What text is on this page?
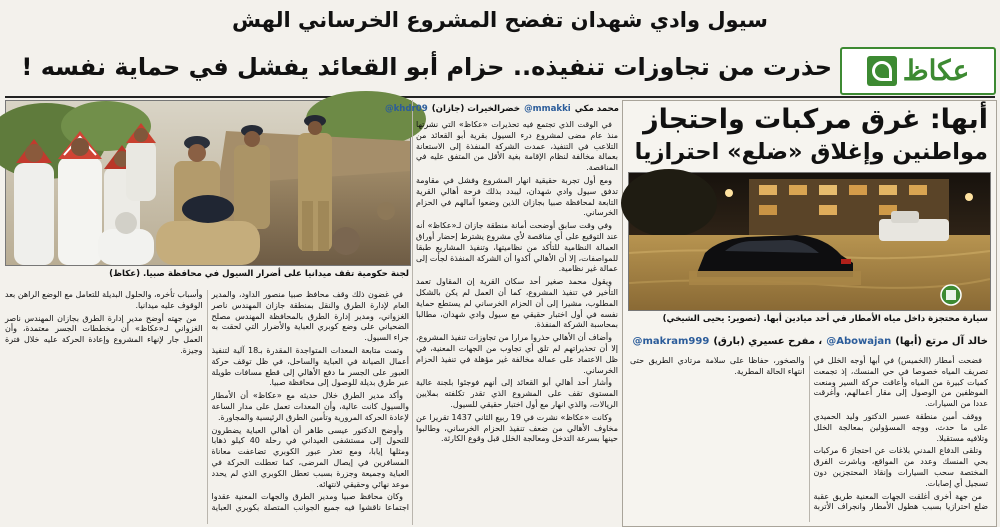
سيول وادي شهدان تفضح المشروع الخرساني الهش
حذرت من تجاوزات تنفيذه.. حزام أبو القعائد يفشل في حماية نفسه !	عكاظ
لجنة حكومية تقف ميدانيا على أضرار السيول في محافظة صبيا. (عكاظ)

في غضون ذلك وقف محافظ صبيا منصور الداود، والمدير العام لإدارة الطرق والنقل بمنطقة جازان المهندس ناصر الغزواني، ومدير إدارة الطرق بالمحافظة المهندس مصلح الضحياني على وضع كوبري العباية والأضرار التي لحقت به جراء السيول.

وتمت متابعة المعدات المتواجدة المقدرة بـ18 آلية لتنفيذ أعمال الصيانة في العباية والساحل، في ظل توقف حركة العبور على الجسر ما دفع الأهالي إلى قطع مسافات طويلة عبر طرق بديلة للوصول إلى محافظة صبيا.

وأكد مدير الطرق خلال حديثه مع «عكاظ» أن الأمطار والسيول كانت عالية، وأن المعدات تعمل على مدار الساعة لإعادة الحركة المرورية وتأمين الطرق الرئيسية والمجاورة.

وأوضح الدكتور عيسى طاهر أن أهالي العباية يضطرون للتحول إلى مستشفى العيداني في رحلة 40 كيلو ذهابا ومثلها إيابا، ومع تعذر عبور الكوبري تضاعفت معاناة المسافرين في إيصال المرضى، كما تعطلت الحركة في العباية وجميعة وجزرة بسبب تعطل الكوبري الذي لم يحدد موعد نهائي وحقيقي لانتهائه.

وكان محافظ صبيا ومدير الطرق والجهات المعنية عقدوا اجتماعا ناقشوا فيه جميع الجوانب المتصلة بكوبري العباية وأسباب تأخره، والحلول البديلة للتعامل مع الوضع الراهن بعد الوقوف عليه ميدانيا.

من جهته أوضح مدير إدارة الطرق بجازان المهندس ناصر الغزواني لـ«عكاظ» أن مخططات الجسر معتمدة، وأن العمل جار لإنهاء المشروع وإعادة الحركة عليه خلال فترة وجيزة.

محمد مكي
@mmakki
خضرالخيرات (جازان)
@khdr09

في الوقت الذي تجتمع فيه تحذيرات «عكاظ» التي نشرتها منذ عام مضى لمشروع درء السيول بقرية أبو القعائد من التلاعب في التنفيذ، عمدت الشركة المنفذة إلى الاستعانة بعمالة مخالفة لنظام الإقامة بغية الأقل من المتفق عليه في المناقصة.

ومع أول تجربة حقيقية انهار المشروع وفشل في مقاومة تدفق سيول وادي شهدان، ليبدد بذلك فرحة أهالي القرية التابعة لمحافظة صبيا بجازان الذين وضعوا آمالهم في الحزام الخرساني.

وفي وقت سابق أوضحت أمانة منطقة جازان لـ«عكاظ» أنه عند التوقيع على أي مناقصة لأي مشروع يشترط إحضار أوراق العمالة النظامية للتأكد من نظاميتها، وتنفيذ المشاريع طبقا للمواصفات، إلا أن الأهالي أكدوا أن الشركة المنفذة لجأت إلى عمالة غير نظامية.

ويقول محمد صغير أحد سكان القرية إن المقاول تعمد التأخير في تنفيذ المشروع، كما أن العمل لم يكن بالشكل المطلوب، مشيرا إلى أن الحزام الخرساني لم يستطع حماية نفسه في أول اختبار حقيقي مع سيول وادي شهدان، مطالبا بمحاسبة الشركة المنفذة.

وأضاف أن الأهالي حذروا مرارا من تجاوزات تنفيذ المشروع، إلا أن تحذيراتهم لم تلق أي تجاوب من الجهات المعنية، في ظل الاعتماد على عمالة مخالفة غير مؤهلة في تنفيذ الحزام الخرساني.

وأشار أحد أهالي أبو القعائد إلى أنهم فوجئوا بلجنة عالية المستوى تقف على المشروع الذي تقدر تكلفته بملايين الريالات، والذي انهار مع أول اختبار حقيقي للسيول.

وكانت «عكاظ» نشرت في 19 ربيع الثاني 1437 تقريرا عن مخاوف الأهالي من ضعف تنفيذ الحزام الخرساني، وطالبوا حينها بسرعة التدخل ومعالجة الخلل قبل وقوع الكارثة.

أبها: غرق مركبات واحتجاز
مواطنين وإغلاق «ضلع» احترازيا
سيارة محتجزة داخل مياه الأمطار في أحد ميادين أبها. (تصوير: يحيى الشيخي)
خالد آل مرتع (أبها)
@Abowajan
، مفرح عسيري (بارق)
@makram999

فضحت أمطار (الخميس) في أبها أوجه الخلل في تصريف المياه خصوصا في حي المنسك، إذ تجمعت كميات كبيرة من المياه وأعاقت حركة السير ومنعت الموظفين من الوصول إلى مقار أعمالهم، وأغرقت عددا من السيارات.

ووقف أمين منطقة عسير الدكتور وليد الحميدي على ما حدث، ووجه المسؤولين بمعالجة الخلل وتلافيه مستقبلا.

وتلقى الدفاع المدني بلاغات عن احتجاز 6 مركبات بحي المنسك وعدد من المواقع، وباشرت الفرق المختصة سحب السيارات وإنقاذ المحتجزين دون تسجيل أي إصابات.

من جهة أخرى أغلقت الجهات المعنية طريق عقبة ضلع احترازيا بسبب هطول الأمطار وانجراف الأتربة والصخور، حفاظا على سلامة مرتادي الطريق حتى انتهاء الحالة المطرية.
